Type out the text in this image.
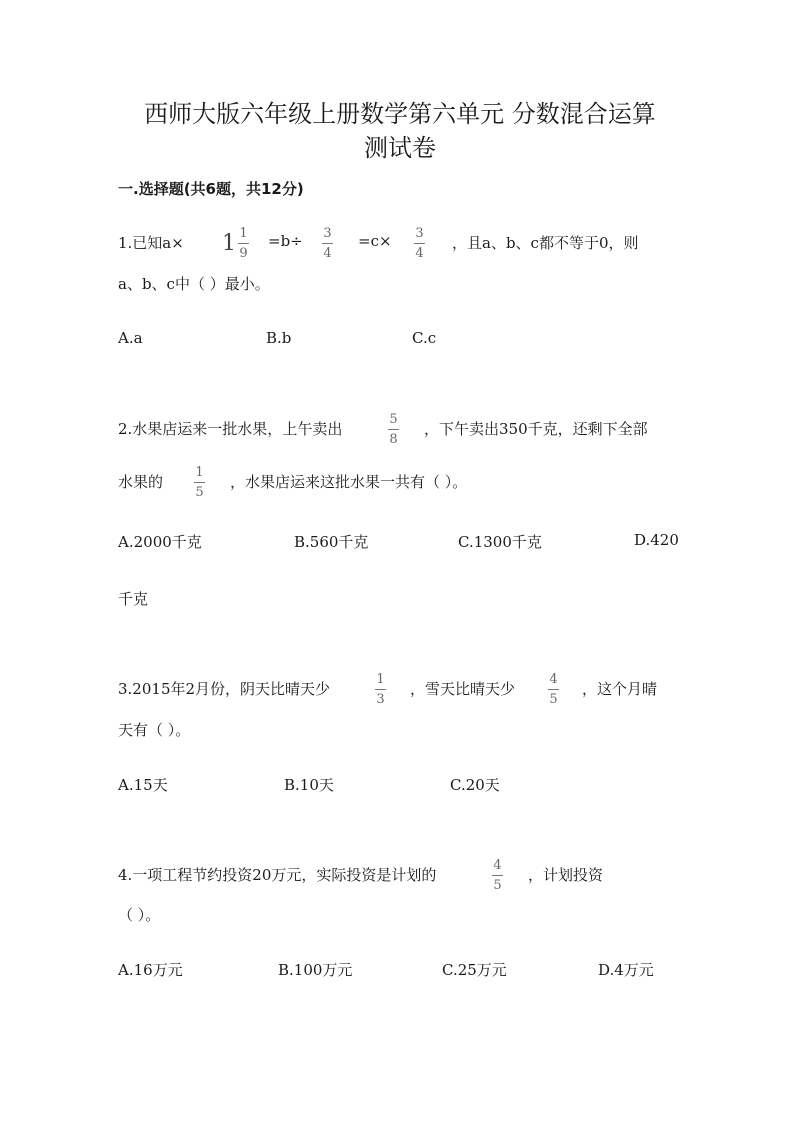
西师大版六年级上册数学第六单元 分数混合运算
测试卷
一.选择题(共6题，共12分)
1.已知$a\times 1 \frac{1}{9} =b\div 3$
4
=c× 3
4
，且a、b、c都不等于0，则
a、b、c中（ ）最小。
A.a	B.b	C.c
2.水果店运来一批水果，上午卖出
5
8
，下午卖出350千克，还剩下全部
水果的
1
5
，水果店运来这批水果一共有（ ）。
A.2000千克	B.560千克	C.1300千克	D.420
千克
3.2015年2月份，阴天比晴天少
1
3
，雪天比晴天少
4
5
，这个月晴
天有（ ）。
A.15天	B.10天	C.20天
4.一项工程节约投资20万元，实际投资是计划的
4
5
，计划投资
（ ）。
A.16万元	B.100万元	C.25万元	D.4万元
